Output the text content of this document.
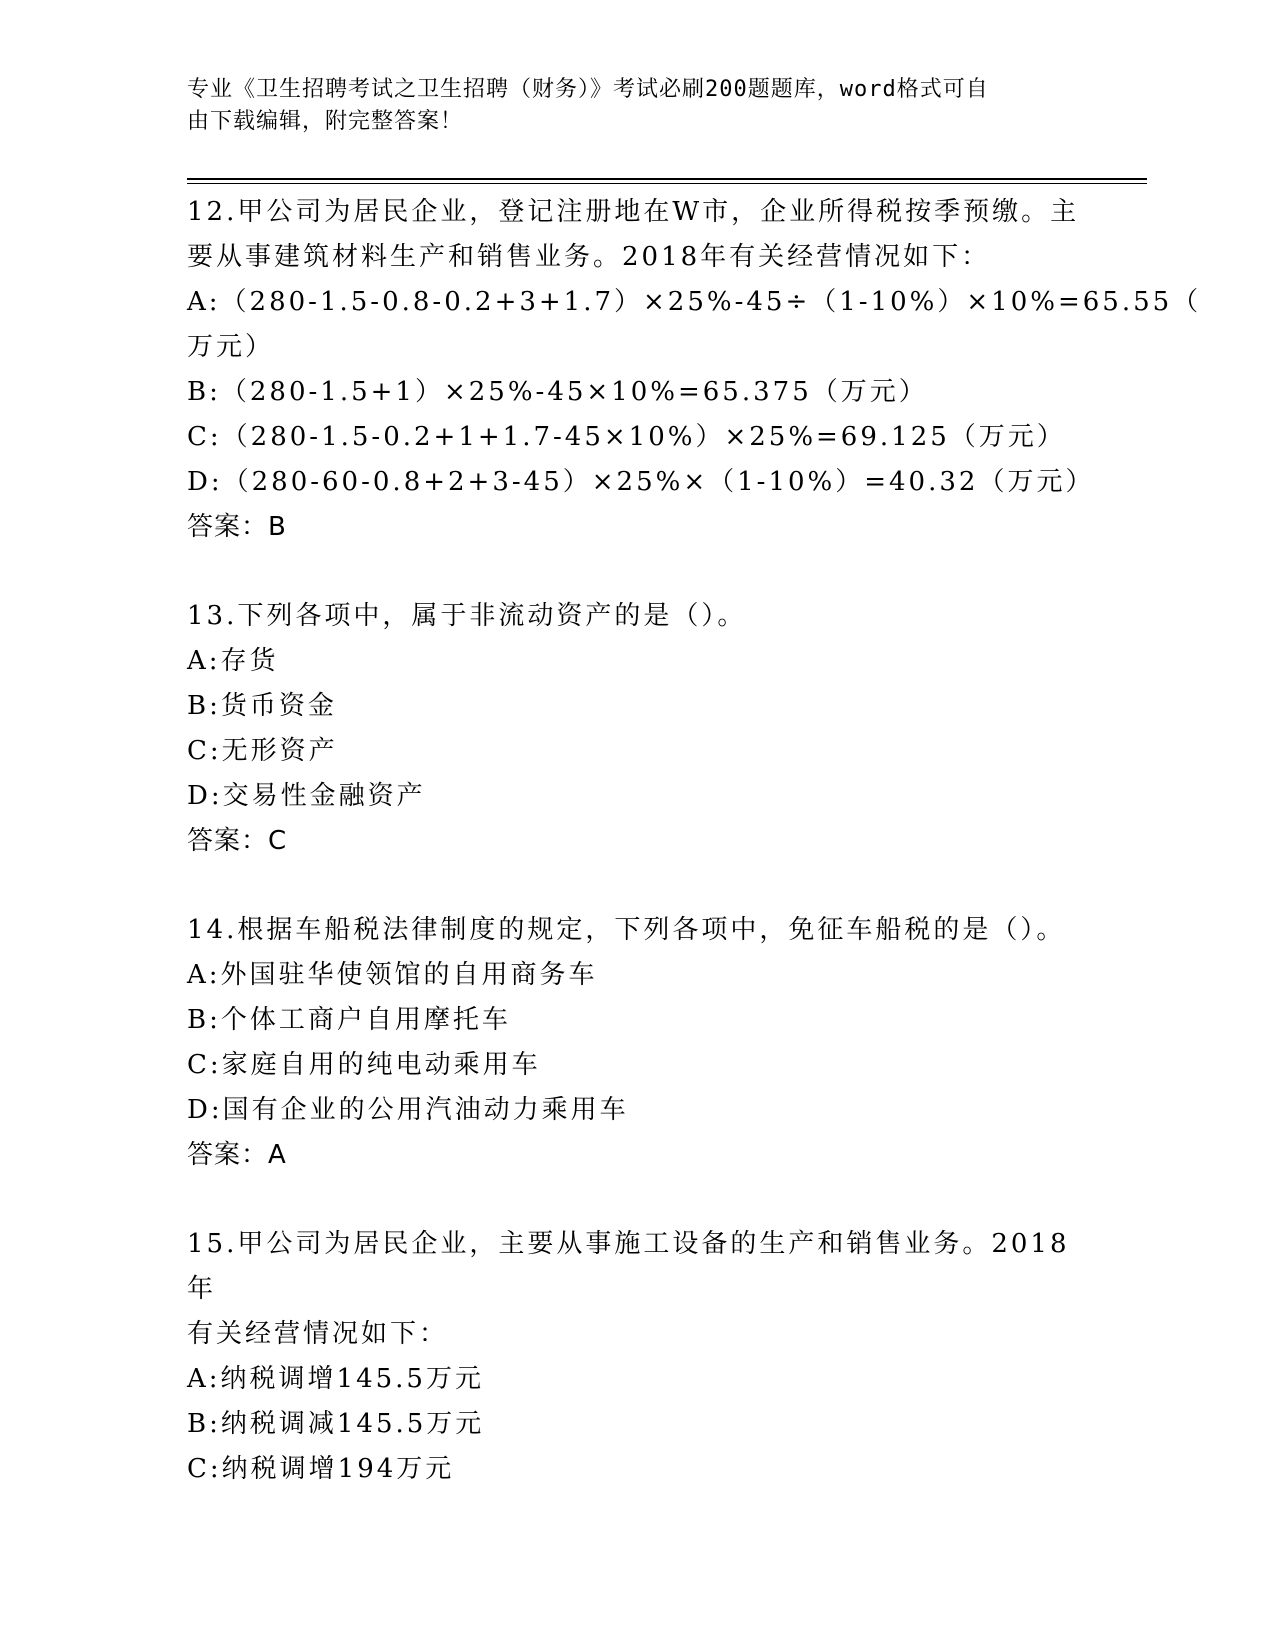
专业《卫生招聘考试之卫生招聘（财务）》考试必刷200题题库，word格式可自
由下载编辑，附完整答案！
12.甲公司为居民企业，登记注册地在W市，企业所得税按季预缴。主
要从事建筑材料生产和销售业务。2018年有关经营情况如下：
A:（280-1.5-0.8-0.2+3+1.7）×25%-45÷（1-10%）×10%=65.55（
万元）
B:（280-1.5+1）×25%-45×10%=65.375（万元）
C:（280-1.5-0.2+1+1.7-45×10%）×25%=69.125（万元）
D:（280-60-0.8+2+3-45）×25%×（1-10%）=40.32（万元）
答案：B
13.下列各项中，属于非流动资产的是（）。
A:存货
B:货币资金
C:无形资产
D:交易性金融资产
答案：C
14.根据车船税法律制度的规定，下列各项中，免征车船税的是（）。
A:外国驻华使领馆的自用商务车
B:个体工商户自用摩托车
C:家庭自用的纯电动乘用车
D:国有企业的公用汽油动力乘用车
答案：A
15.甲公司为居民企业，主要从事施工设备的生产和销售业务。2018年
有关经营情况如下：
A:纳税调增145.5万元
B:纳税调减145.5万元
C:纳税调增194万元
